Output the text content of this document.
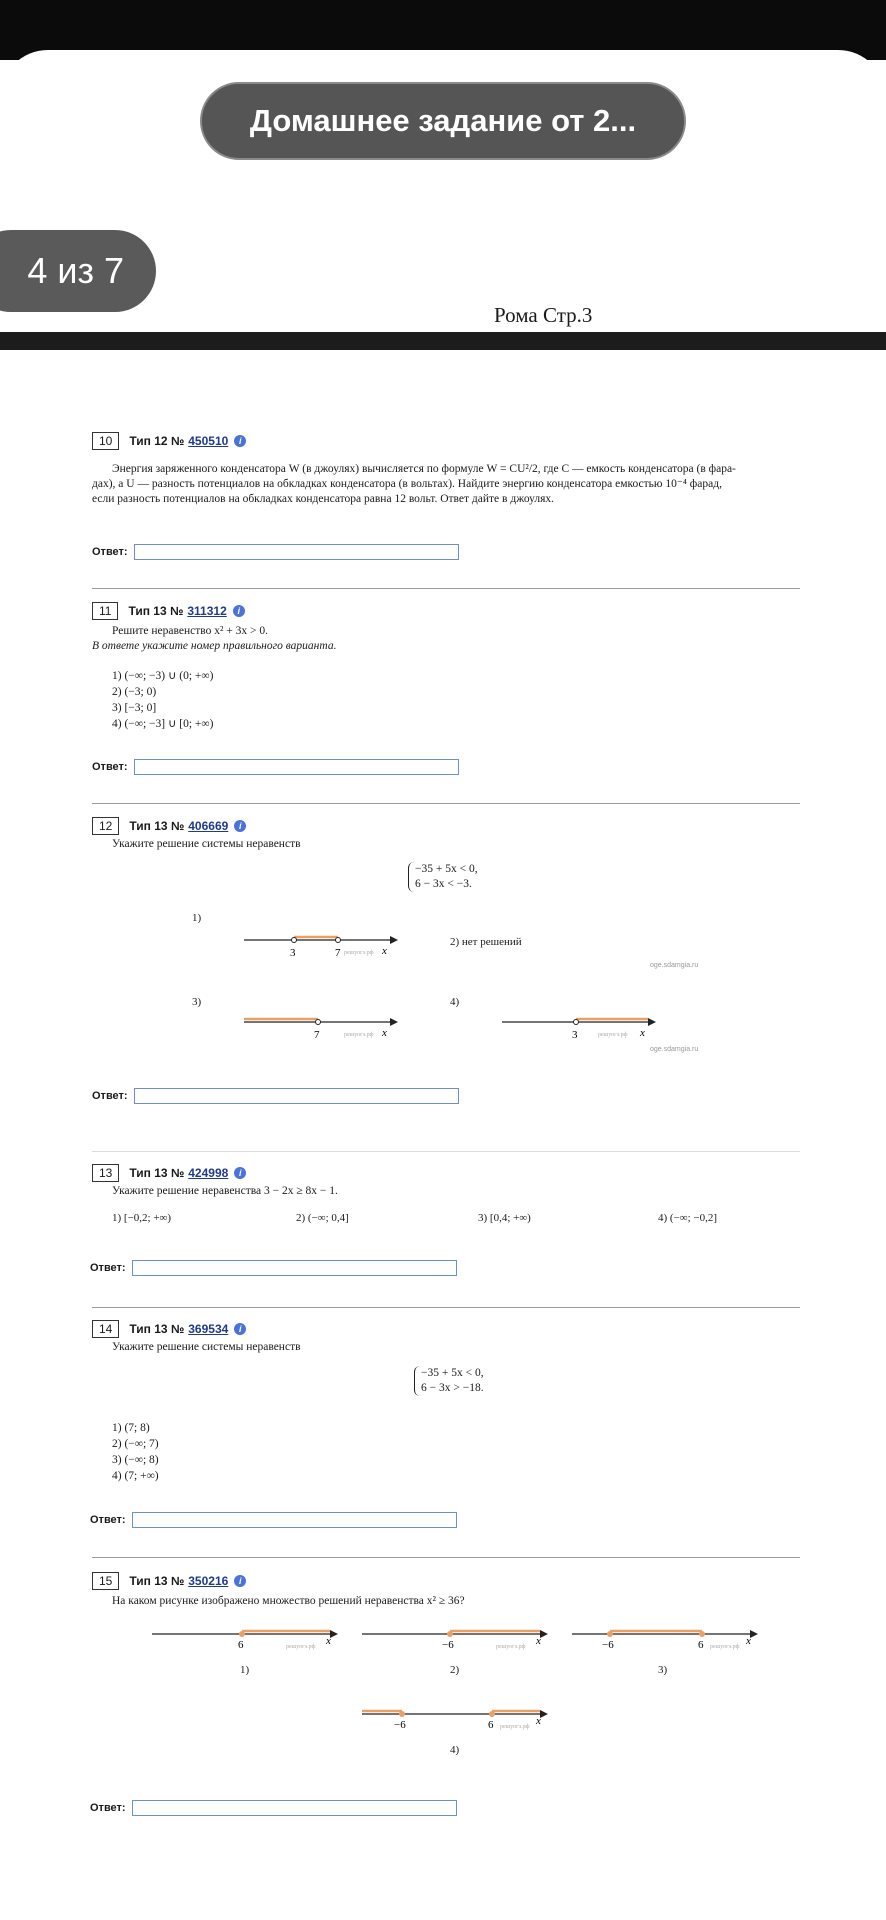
Домашнее задание от 2...
4 из 7
Рома Стр.3
10	Тип 12 № 450510	i
Энергия заряженного конденсатора W (в джоулях) вычисляется по формуле W = CU²/2, где C — емкость конденсатора (в фара-
дах), а U — разность потенциалов на обкладках конденсатора (в вольтах). Найдите энергию конденсатора емкостью 10⁻⁴ фарад,
если разность потенциалов на обкладках конденсатора равна 12 вольт. Ответ дайте в джоулях.
Ответ:
11	Тип 13 № 311312	i
Решите неравенство x² + 3x > 0.
В ответе укажите номер правильного варианта.
1) (−∞; −3) ∪ (0; +∞)
2) (−3; 0)
3) [−3; 0]
4) (−∞; −3] ∪ [0; +∞)
Ответ:
12	Тип 13 № 406669	i
Укажите решение системы неравенств
−35 + 5x < 0,
6 − 3x < −3.
1)
2) нет решений
3)	4)
oge.sdamgia.ru
oge.sdamgia.ru
3	7 решуогэ.рф x
7	решуогэ.рф x	3	решуогэ.рф x
Ответ:
13	Тип 13 № 424998	i
Укажите решение неравенства 3 − 2x ≥ 8x − 1.
1) [−0,2; +∞)	2) (−∞; 0,4]	3) [0,4; +∞)	4) (−∞; −0,2]
Ответ:
14	Тип 13 № 369534	i
Укажите решение системы неравенств
−35 + 5x < 0,
6 − 3x > −18.
1) (7; 8)
2) (−∞; 7)
3) (−∞; 8)
4) (7; +∞)
Ответ:
15	Тип 13 № 350216	i
На каком рисунке изображено множество решений неравенства x² ≥ 36?
6	решуогэ.рф x
1)
−6	решуогэ.рф x
2)
−6	6 решуогэ.рф x
3)
−6	6 решуогэ.рф x
4)
Ответ:
